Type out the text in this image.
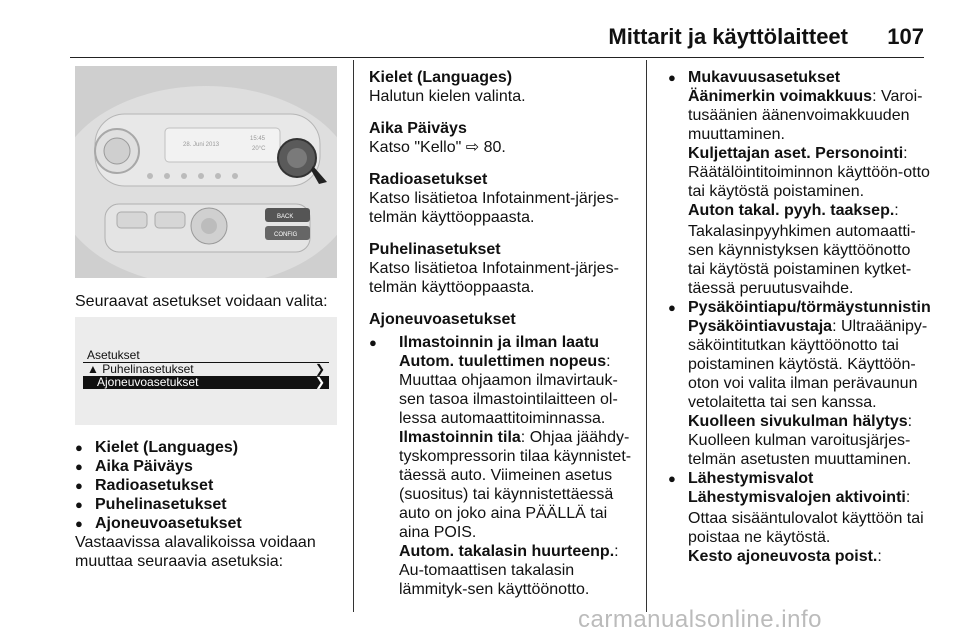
Mittarit ja käyttölaitteet 107
28. Juni 2013
15:45
20°C
BACK
CONFIG

Seuraavat asetukset voidaan valita:

Asetukset
▲ Puhelinasetukset	❯
Ajoneuvoasetukset	❯

● Kielet (Languages)

● Aika Päiväys

● Radioasetukset

● Puhelinasetukset

● Ajoneuvoasetukset

Vastaavissa alavalikoissa voidaan muuttaa seuraavia asetuksia:

Kielet (Languages)

Halutun kielen valinta.

Aika Päiväys

Katso "Kello" ⇨ 80.

Radioasetukset

Katso lisätietoa Infotainment-järjes-telmän käyttöoppaasta.

Puhelinasetukset

Katso lisätietoa Infotainment-järjes-telmän käyttöoppaasta.

Ajoneuvoasetukset

● Ilmastoinnin ja ilman laatu

Autom. tuulettimen nopeus: Muuttaa ohjaamon ilmavirtauk-sen tasoa ilmastointilaitteen ol-lessa automaattitoiminnassa.

Ilmastoinnin tila: Ohjaa jäähdy-tyskompressorin tilaa käynnistet-täessä auto. Viimeinen asetus (suositus) tai käynnistettäessä auto on joko aina PÄÄLLÄ tai aina POIS.

Autom. takalasin huurteenp.: Au-tomaattisen takalasin lämmityk-sen käyttöönotto.

● Mukavuusasetukset

Äänimerkin voimakkuus: Varoi-tusäänien äänenvoimakkuuden muuttaminen.

Kuljettajan aset. Personointi: Räätälöintitoiminnon käyttöön-otto tai käytöstä poistaminen.

Auton takal. pyyh. taaksep.:

Takalasinpyyhkimen automaatti-sen käynnistyksen käyttöönotto tai käytöstä poistaminen kytket-täessä peruutusvaihde.

● Pysäköintiapu/törmäystunnistin

Pysäköintiavustaja: Ultraäänipy-säköintitutkan käyttöönotto tai poistaminen käytöstä. Käyttöön-oton voi valita ilman perävaunun vetolaitetta tai sen kanssa.

Kuolleen sivukulman hälytys: Kuolleen kulman varoitusjärjes-telmän asetusten muuttaminen.

● Lähestymisvalot

Lähestymisvalojen aktivointi:

Ottaa sisääntulovalot käyttöön tai poistaa ne käytöstä.

Kesto ajoneuvosta poist.:

carmanualsonline.info
